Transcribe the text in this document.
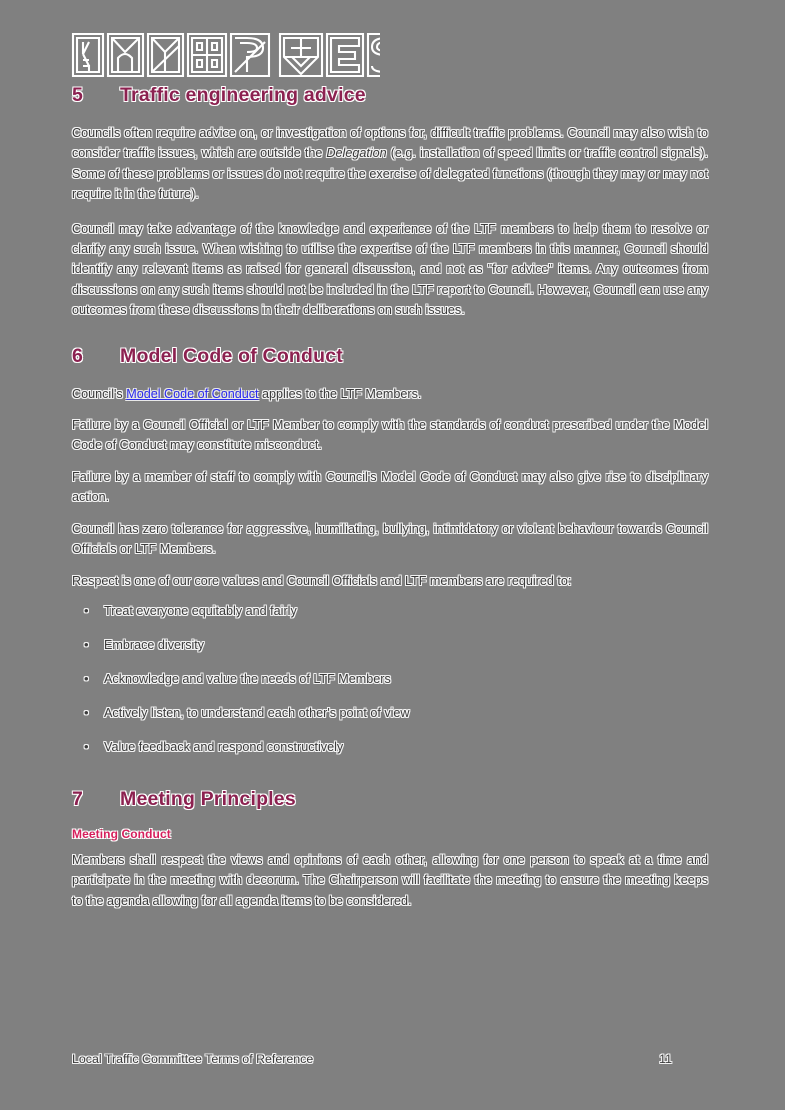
5	Traffic engineering advice

Councils often require advice on, or investigation of options for, difficult traffic problems. Council may also wish to consider traffic issues, which are outside the Delegation (e.g. installation of speed limits or traffic control signals). Some of these problems or issues do not require the exercise of delegated functions (though they may or may not require it in the future).

Council may take advantage of the knowledge and experience of the LTF members to help them to resolve or clarify any such issue. When wishing to utilise the expertise of the LTF members in this manner, Council should identify any relevant items as raised for general discussion, and not as "for advice" items. Any outcomes from discussions on any such items should not be included in the LTF report to Council. However, Council can use any outcomes from these discussions in their deliberations on such issues.

6	Model Code of Conduct

Council's Model Code of Conduct applies to the LTF Members.

Failure by a Council Official or LTF Member to comply with the standards of conduct prescribed under the Model Code of Conduct may constitute misconduct.

Failure by a member of staff to comply with Council's Model Code of Conduct may also give rise to disciplinary action.

Council has zero tolerance for aggressive, humiliating, bullying, intimidatory or violent behaviour towards Council Officials or LTF Members.

Respect is one of our core values and Council Officials and LTF members are required to:

• Treat everyone equitably and fairly
• Embrace diversity
• Acknowledge and value the needs of LTF Members
• Actively listen, to understand each other's point of view
• Value feedback and respond constructively
7	Meeting Principles
Meeting Conduct

Members shall respect the views and opinions of each other, allowing for one person to speak at a time and participate in the meeting with decorum. The Chairperson will facilitate the meeting to ensure the meeting keeps to the agenda allowing for all agenda items to be considered.

Local Traffic Committee Terms of Reference	11
